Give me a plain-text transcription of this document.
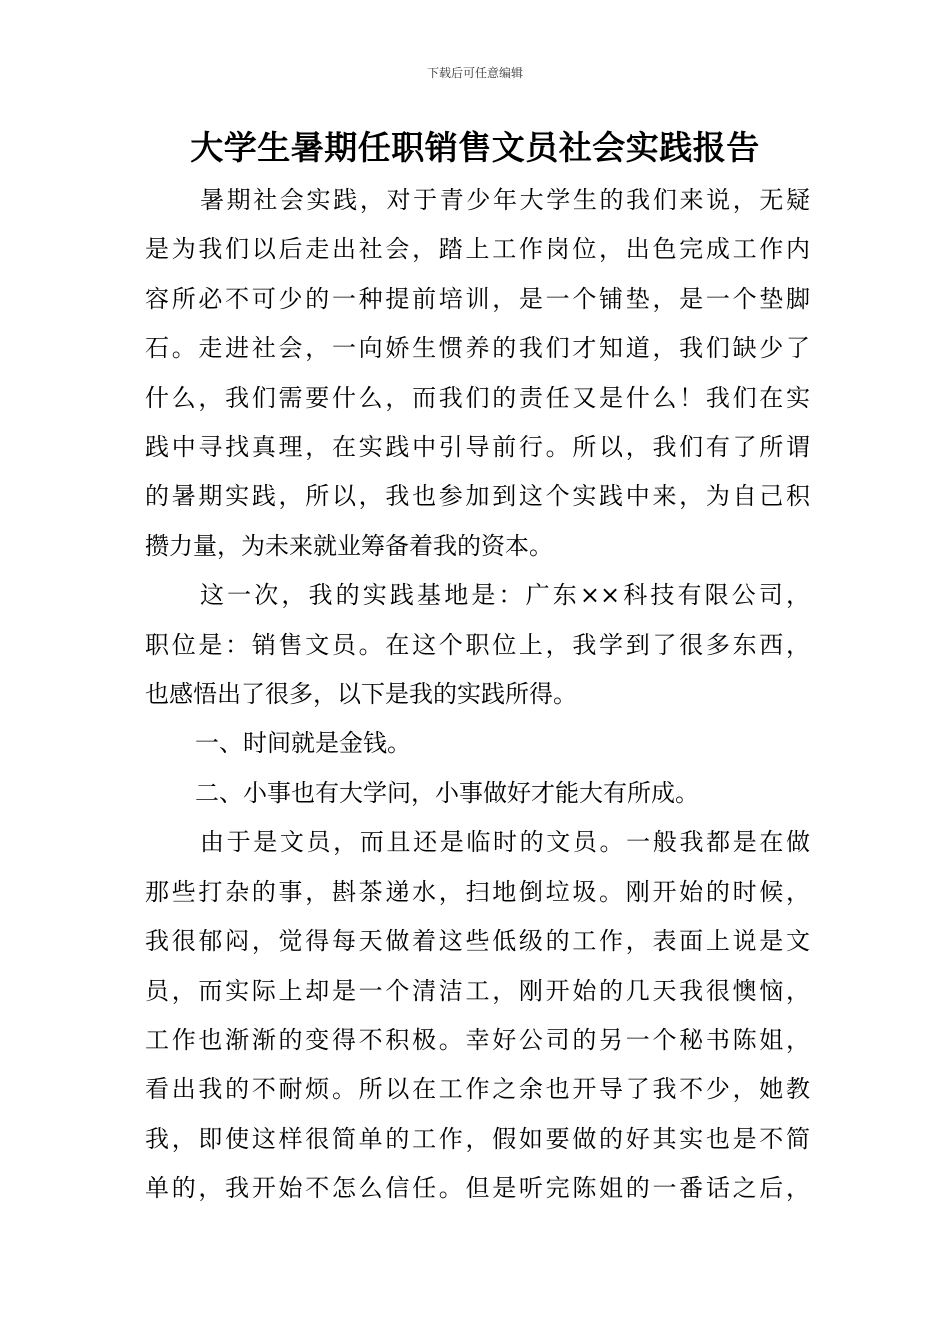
下载后可任意编辑
大学生暑期任职销售文员社会实践报告
暑期社会实践，对于青少年大学生的我们来说，无疑
是为我们以后走出社会，踏上工作岗位，出色完成工作内
容所必不可少的一种提前培训，是一个铺垫，是一个垫脚
石。走进社会，一向娇生惯养的我们才知道，我们缺少了
什么，我们需要什么，而我们的责任又是什么！我们在实
践中寻找真理，在实践中引导前行。所以，我们有了所谓
的暑期实践，所以，我也参加到这个实践中来，为自己积
攒力量，为未来就业筹备着我的资本。
这一次，我的实践基地是：广东××科技有限公司，
职位是：销售文员。在这个职位上，我学到了很多东西，
也感悟出了很多，以下是我的实践所得。
一、时间就是金钱。
二、小事也有大学问，小事做好才能大有所成。
由于是文员，而且还是临时的文员。一般我都是在做
那些打杂的事，斟茶递水，扫地倒垃圾。刚开始的时候，
我很郁闷，觉得每天做着这些低级的工作，表面上说是文
员，而实际上却是一个清洁工，刚开始的几天我很懊恼，
工作也渐渐的变得不积极。幸好公司的另一个秘书陈姐，
看出我的不耐烦。所以在工作之余也开导了我不少，她教
我，即使这样很简单的工作，假如要做的好其实也是不简
单的，我开始不怎么信任。但是听完陈姐的一番话之后，
